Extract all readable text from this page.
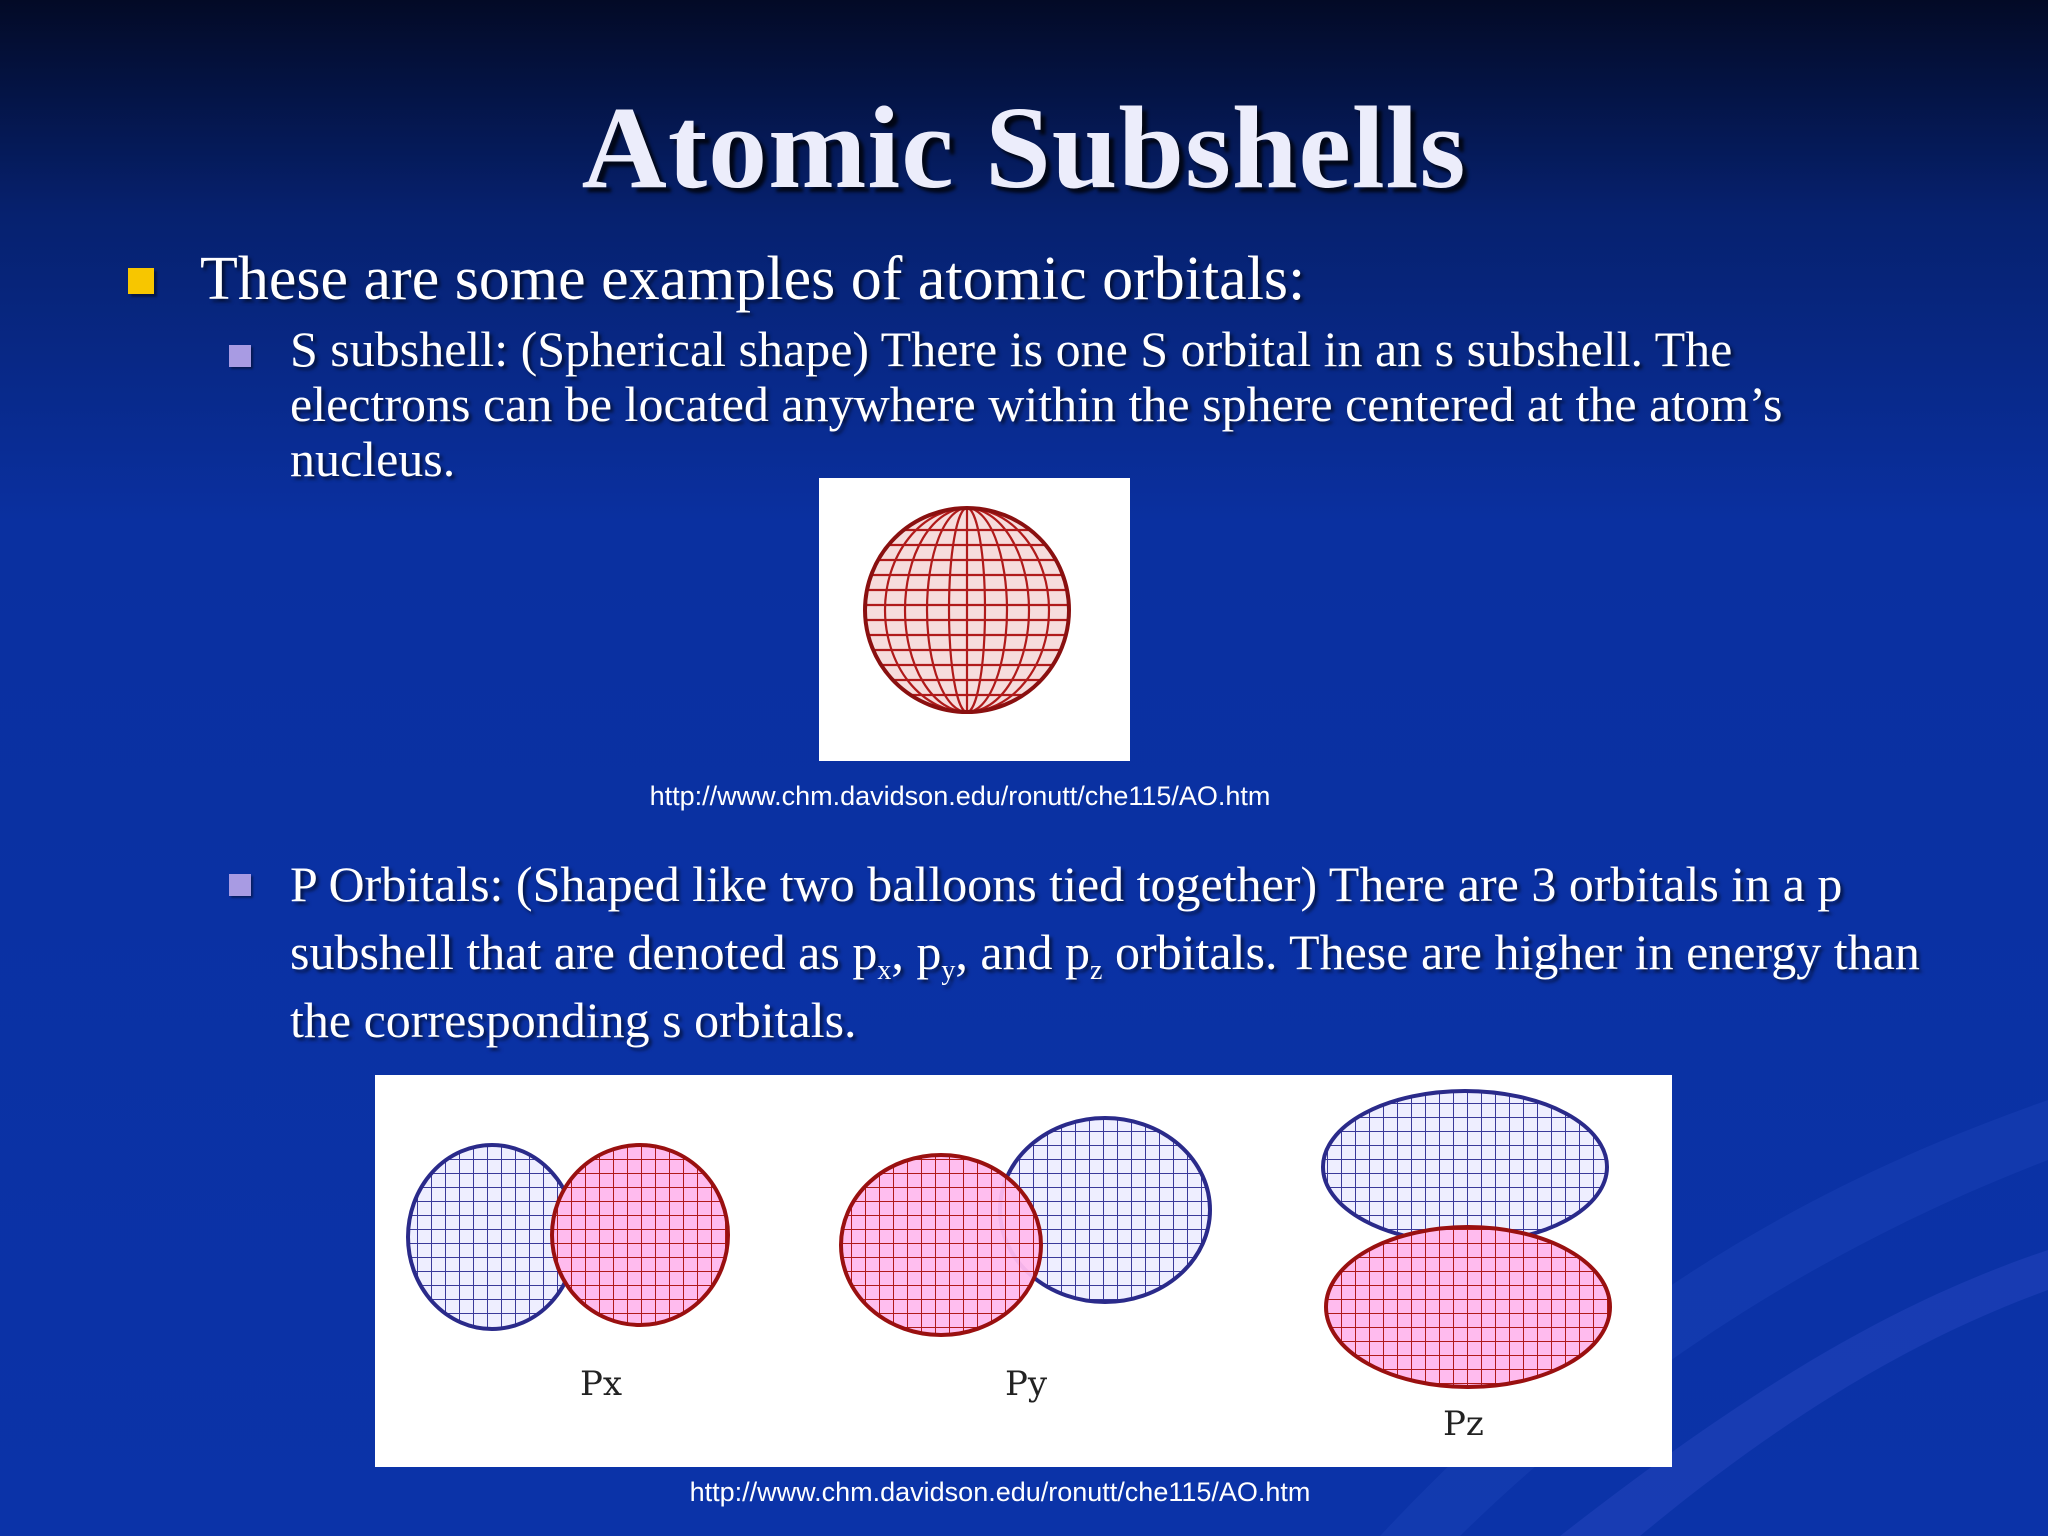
Atomic Subshells
These are some examples of atomic orbitals:
S subshell: (Spherical shape) There is one S orbital in an s subshell. The electrons can be located anywhere within the sphere centered at the atom’s nucleus.
http://www.chm.davidson.edu/ronutt/che115/AO.htm
P Orbitals: (Shaped like two balloons tied together) There are 3 orbitals in a p subshell that are denoted as $p_x$, $p_y$, and $p_z$ orbitals. These are higher in energy than the corresponding s orbitals.
Px	Py
Pz
http://www.chm.davidson.edu/ronutt/che115/AO.htm
